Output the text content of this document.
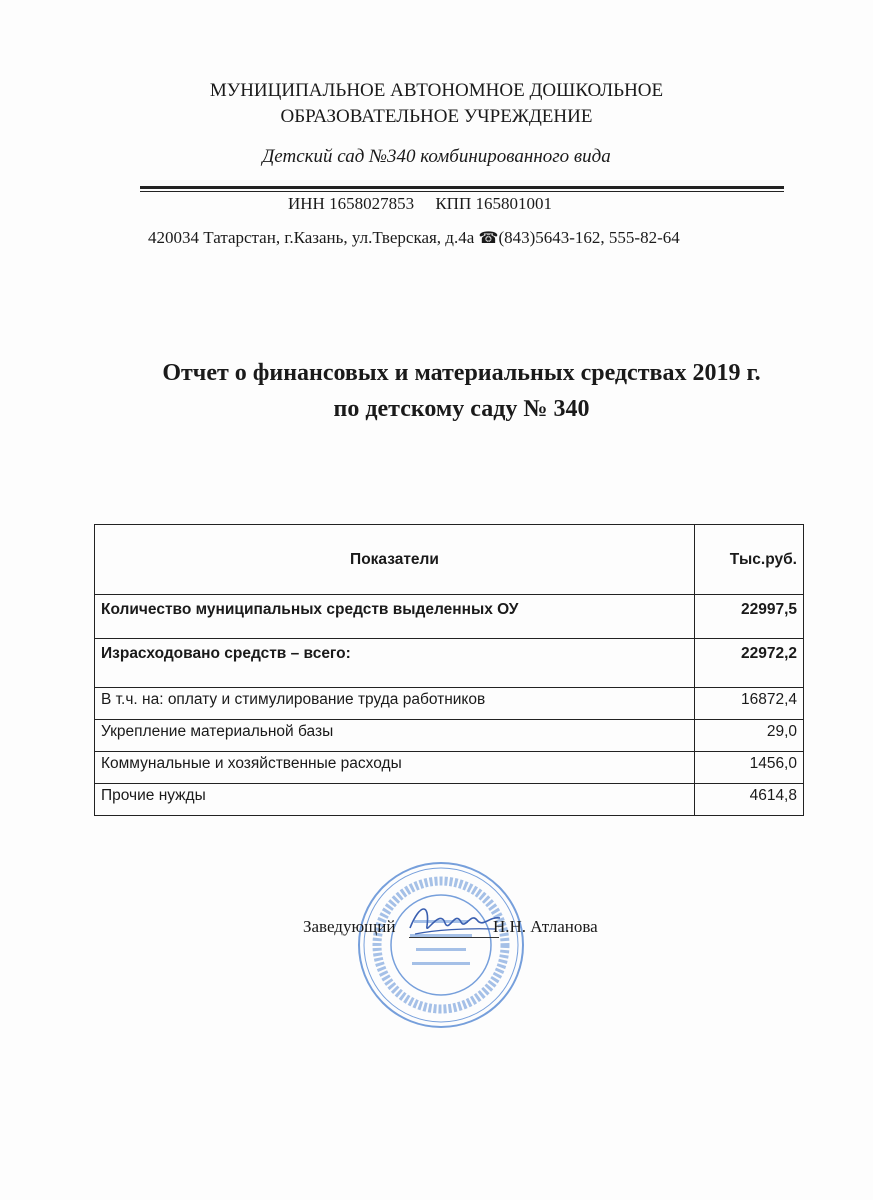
МУНИЦИПАЛЬНОЕ АВТОНОМНОЕ ДОШКОЛЬНОЕ
ОБРАЗОВАТЕЛЬНОЕ УЧРЕЖДЕНИЕ
Детский сад №340 комбинированного вида
ИНН 1658027853 КПП 165801001
420034 Татарстан, г.Казань, ул.Тверская, д.4а ☎(843)5643-162, 555-82-64
Отчет о финансовых и материальных средствах 2019 г.
по детскому саду № 340
Показатели	Тыс.руб.
Количество муниципальных средств выделенных ОУ	22997,5
Израсходовано средств – всего:	22972,2
В т.ч. на: оплату и стимулирование труда работников	16872,4
Укрепление материальной базы	29,0
Коммунальные и хозяйственные расходы	1456,0
Прочие нужды	4614,8
Заведующий	Н.Н. Атланова
